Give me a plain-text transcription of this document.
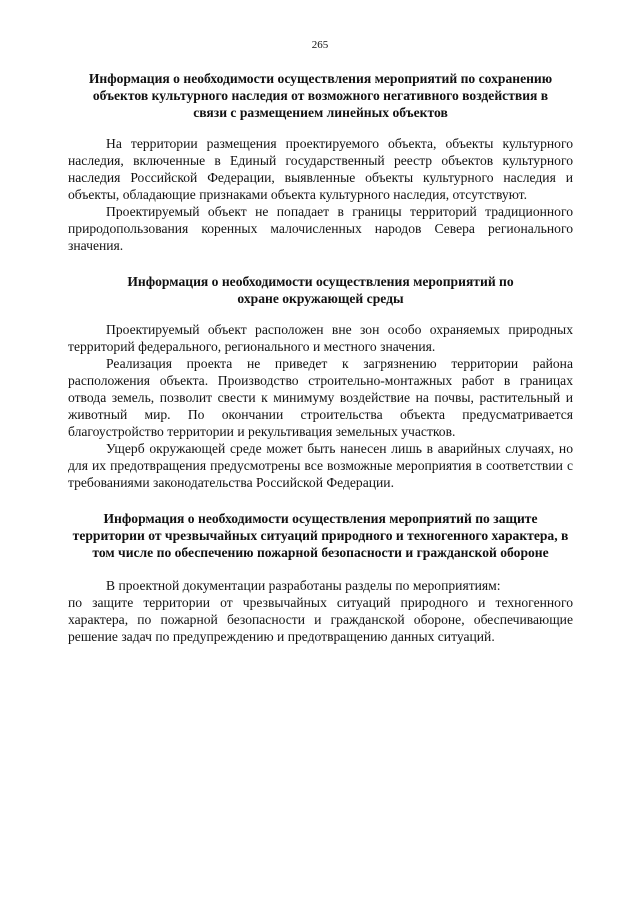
265
Информация о необходимости осуществления мероприятий по сохранению объектов культурного наследия от возможного негативного воздействия в связи с размещением линейных объектов

На территории размещения проектируемого объекта, объекты культурного наследия, включенные в Единый государственный реестр объектов культурного наследия Российской Федерации, выявленные объекты культурного наследия и объекты, обладающие признаками объекта культурного наследия, отсутствуют.

Проектируемый объект не попадает в границы территорий традиционного природопользования коренных малочисленных народов Севера регионального значения.

Информация о необходимости осуществления мероприятий по охране окружающей среды

Проектируемый объект расположен вне зон особо охраняемых природных территорий федерального, регионального и местного значения.

Реализация проекта не приведет к загрязнению территории района расположения объекта. Производство строительно-монтажных работ в границах отвода земель, позволит свести к минимуму воздействие на почвы, растительный и животный мир. По окончании строительства объекта предусматривается благоустройство территории и рекультивация земельных участков.

Ущерб окружающей среде может быть нанесен лишь в аварийных случаях, но для их предотвращения предусмотрены все возможные мероприятия в соответствии с требованиями законодательства Российской Федерации.

Информация о необходимости осуществления мероприятий по защите территории от чрезвычайных ситуаций природного и техногенного характера, в том числе по обеспечению пожарной безопасности и гражданской обороне

В проектной документации разработаны разделы по мероприятиям:

по защите территории от чрезвычайных ситуаций природного и техногенного характера, по пожарной безопасности и гражданской обороне, обеспечивающие решение задач по предупреждению и предотвращению данных ситуаций.
